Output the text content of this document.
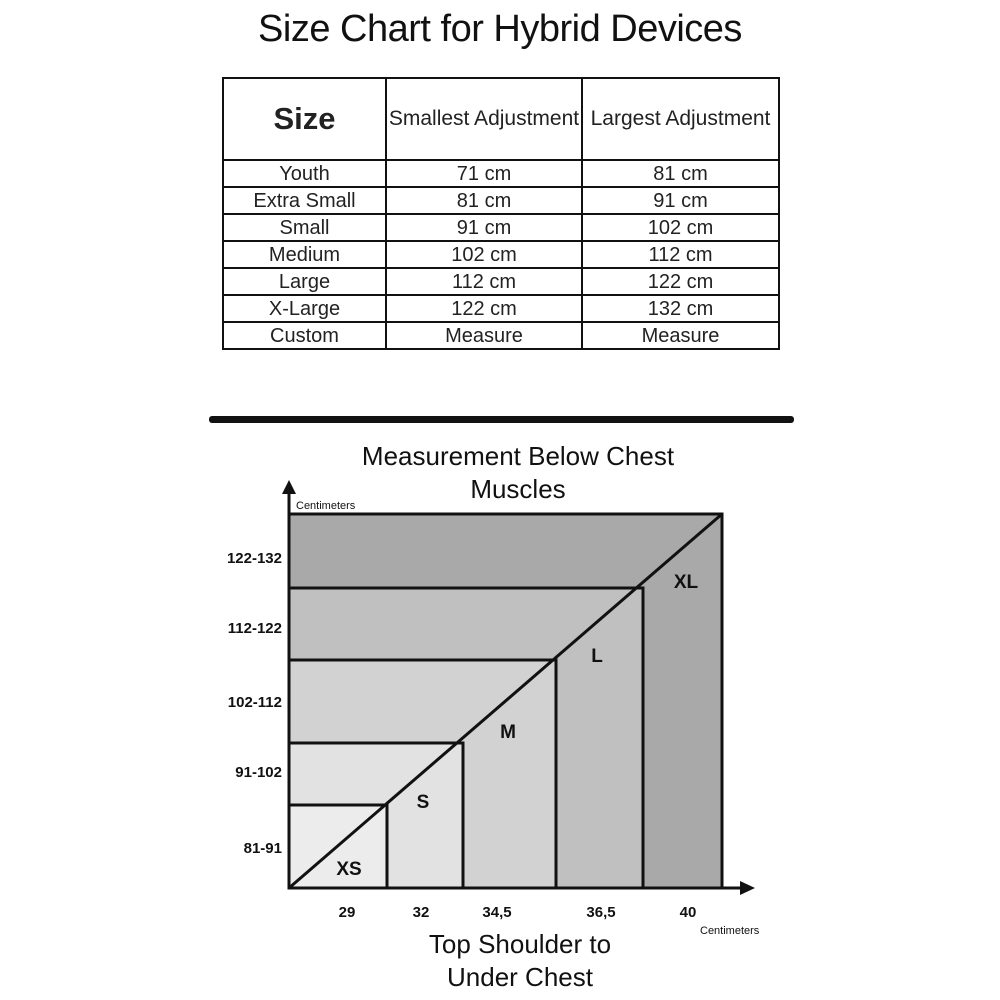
Size Chart for Hybrid Devices
Size	Smallest Adjustment	Largest Adjustment
Youth	71 cm	81 cm
Extra Small	81 cm	91 cm
Small	91 cm	102 cm
Medium	102 cm	112 cm
Large	112 cm	122 cm
X-Large	122 cm	132 cm
Custom	Measure	Measure
Measurement Below Chest Muscles
Centimeters
Centimeters
81-91
91-102
102-112
112-122
122-132
29	32	34,5	36,5	40
XS
S
M
L
XL
Top Shoulder to Under Chest
